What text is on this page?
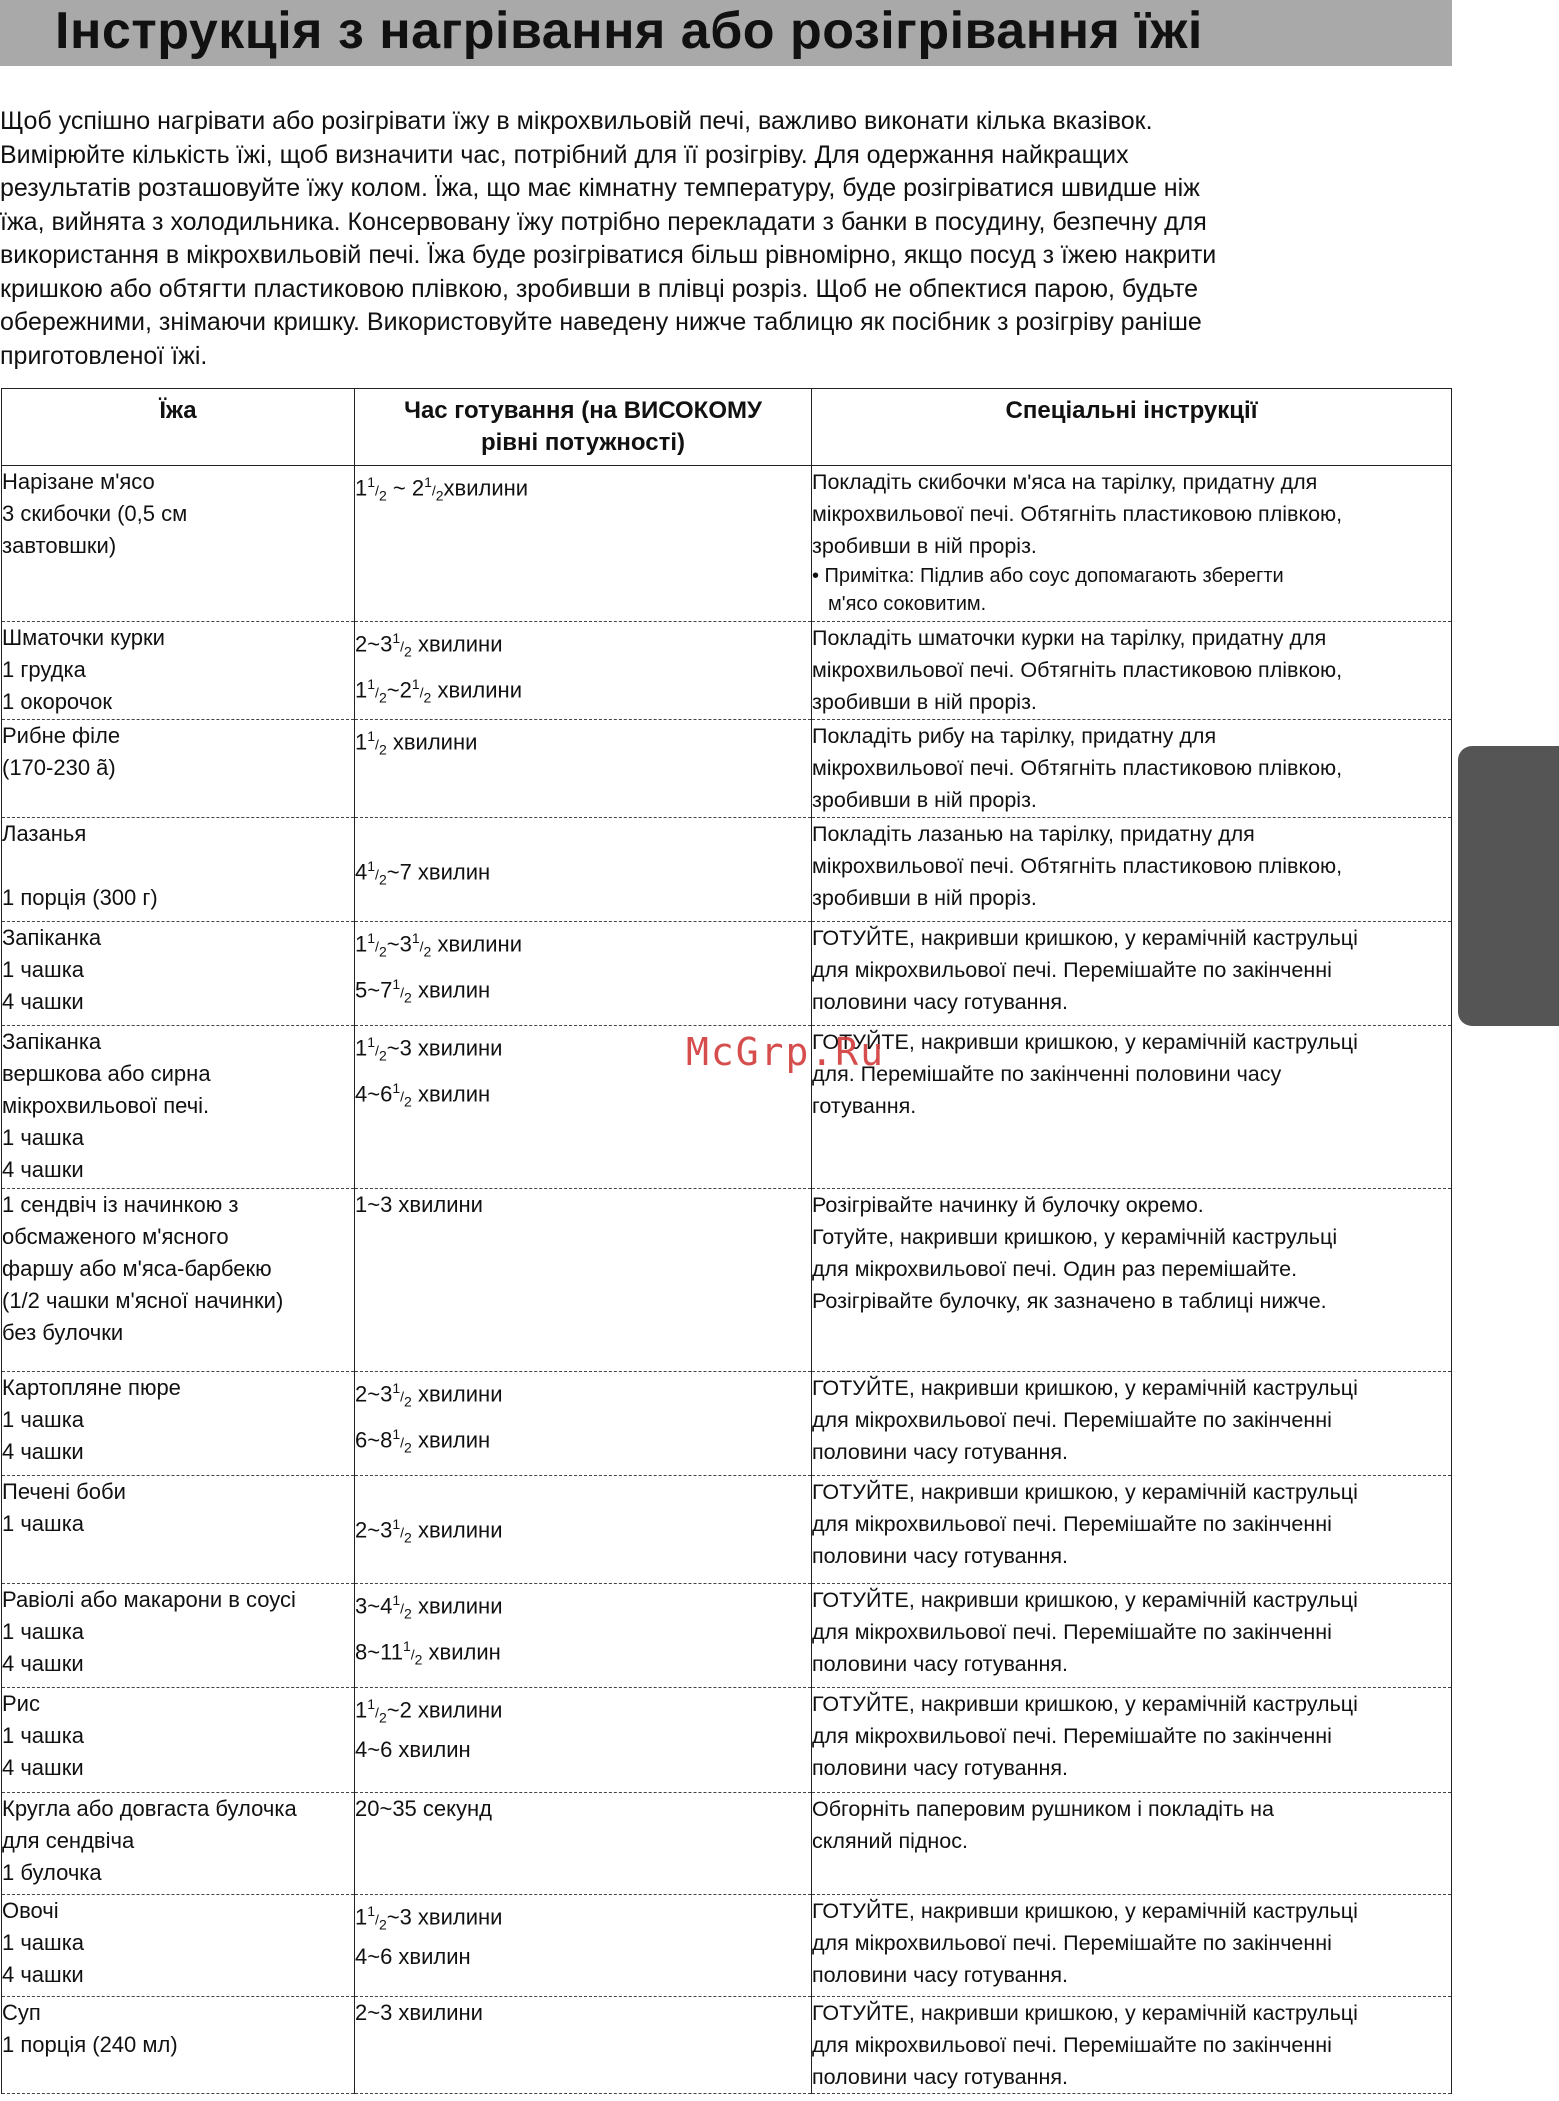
Інструкція з нагрівання або розігрівання їжі

Щоб успішно нагрівати або розігрівати їжу в мікрохвильовій печі, важливо виконати кілька вказівок.
Вимірюйте кількість їжі, щоб визначити час, потрібний для її розігріву. Для одержання найкращих
результатів розташовуйте їжу колом. Їжа, що має кімнатну температуру, буде розігріватися швидше ніж
їжа, вийнята з холодильника. Консервовану їжу потрібно перекладати з банки в посудину, безпечну для
використання в мікрохвильовій печі. Їжа буде розігріватися більш рівномірно, якщо посуд з їжею накрити
кришкою або обтягти пластиковою плівкою, зробивши в плівці розріз. Щоб не обпектися парою, будьте
обережними, знімаючи кришку. Використовуйте наведену нижче таблицю як посібник з розігріву раніше
приготовленої їжі.

Їжа	Час готування (на ВИСОКОМУ
рівні потужності)	Спеціальні інструкції

Нарізане м'ясо
3 скибочки (0,5 см
завтовшки)	$1^1/_2$ ~ $2^1/_2хвилини$	Покладіть скибочки м'яса на тарілку, придатну для
мікрохвильової печі. Обтягніть пластиковою плівкою,
зробивши в ній проріз.
• Примітка: Підлив або соус допомагають зберегти
м'ясо соковитим.

Шматочки курки
1 грудка
1 окорочок	$2\sim 3^1/_2$ хвилини
$1^1/_2\sim 2^1/_2$ хвилини	Покладіть шматочки курки на тарілку, придатну для
мікрохвильової печі. Обтягніть пластиковою плівкою,
зробивши в ній проріз.

Рибне філе
(170-230 ã)	$1^1/_2$ хвилини	Покладіть рибу на тарілку, придатну для
мікрохвильової печі. Обтягніть пластиковою плівкою,
зробивши в ній проріз.

Лазанья

1 порція (300 г)	$4^1/_2\sim 7$ хвилин	Покладіть лазанью на тарілку, придатну для
мікрохвильової печі. Обтягніть пластиковою плівкою,
зробивши в ній проріз.

Запіканка
1 чашка
4 чашки	$1^1/_2\sim 3^1/_2$ хвилини
$5\sim 7^1/_2$ хвилин	ГОТУЙТЕ, накривши кришкою, у керамічній каструльці
для мікрохвильової печі. Перемішайте по закінченні
половини часу готування.

Запіканка
вершкова або сирна
мікрохвильової печі.
1 чашка
4 чашки	$1^1/_2\sim 3$ хвилини
$4\sim 6^1/_2$ хвилин	ГОТУЙТЕ, накривши кришкою, у керамічній каструльці
для. Перемішайте по закінченні половини часу
готування.

1 сендвіч із начинкою з
обсмаженого м'ясного
фаршу або м'яса-барбекю
(1/2 чашки м'ясної начинки)
без булочки	1~3 хвилини	Розігрівайте начинку й булочку окремо.
Готуйте, накривши кришкою, у керамічній каструльці
для мікрохвильової печі. Один раз перемішайте.
Розігрівайте булочку, як зазначено в таблиці нижче.

Картопляне пюре
1 чашка
4 чашки	$2\sim 3^1/_2$ хвилини
$6\sim 8^1/_2$ хвилин	ГОТУЙТЕ, накривши кришкою, у керамічній каструльці
для мікрохвильової печі. Перемішайте по закінченні
половини часу готування.

Печені боби
1 чашка	$2\sim 3^1/_2$ хвилини	ГОТУЙТЕ, накривши кришкою, у керамічній каструльці
для мікрохвильової печі. Перемішайте по закінченні
половини часу готування.

Равіолі або макарони в соусі
1 чашка
4 чашки	$3\sim 4^1/_2$ хвилини
$8\sim 11^1/_2$ хвилин	ГОТУЙТЕ, накривши кришкою, у керамічній каструльці
для мікрохвильової печі. Перемішайте по закінченні
половини часу готування.

Рис
1 чашка
4 чашки	$1^1/_2\sim 2$ хвилини
4~6 хвилин	ГОТУЙТЕ, накривши кришкою, у керамічній каструльці
для мікрохвильової печі. Перемішайте по закінченні
половини часу готування.

Кругла або довгаста булочка
для сендвіча
1 булочка	20~35 секунд	Обгорніть паперовим рушником і покладіть на
скляний піднос.

Овочі
1 чашка
4 чашки	$1^1/_2\sim 3$ хвилини
4~6 хвилин	ГОТУЙТЕ, накривши кришкою, у керамічній каструльці
для мікрохвильової печі. Перемішайте по закінченні
половини часу готування.

Суп
1 порція (240 мл)	2~3 хвилини	ГОТУЙТЕ, накривши кришкою, у керамічній каструльці
для мікрохвильової печі. Перемішайте по закінченні
половини часу готування.
McGrp.Ru
